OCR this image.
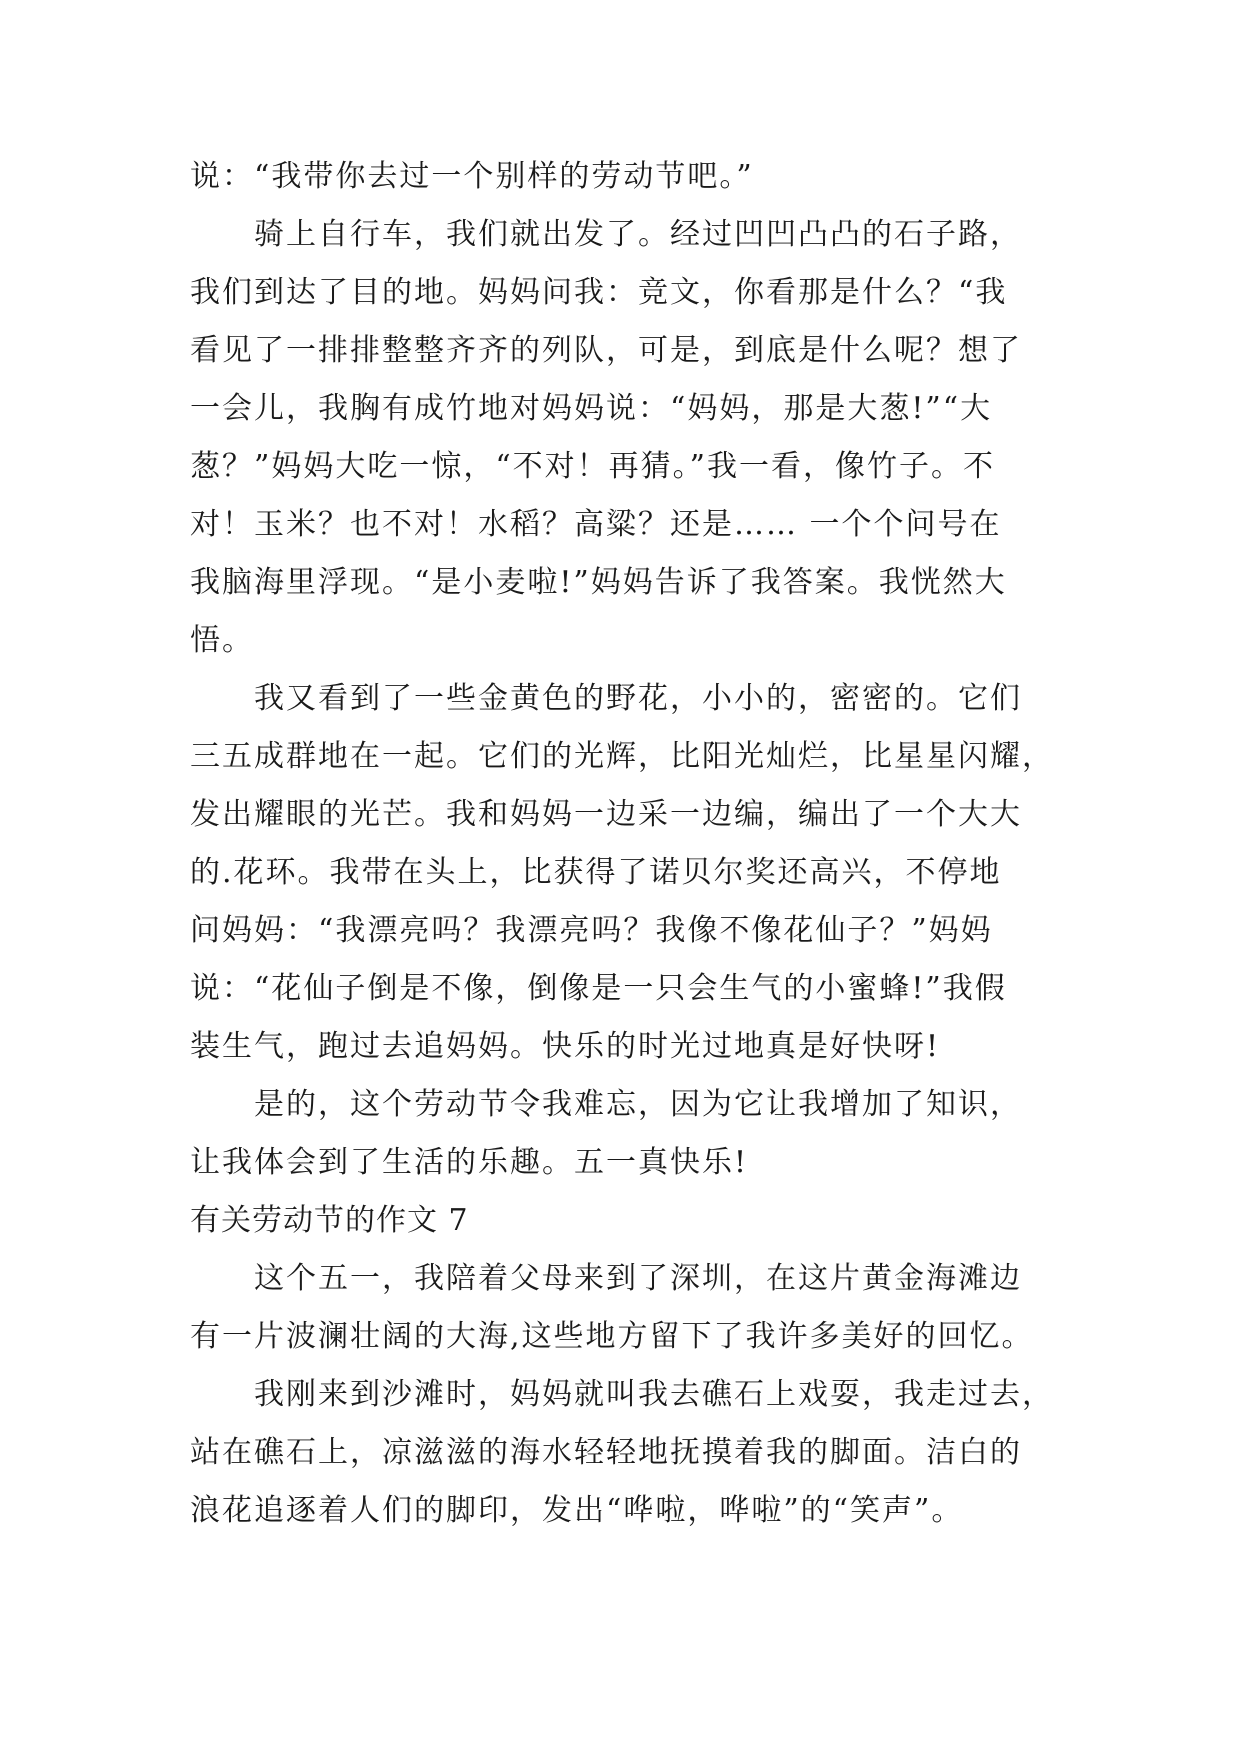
说：“我带你去过一个别样的劳动节吧。”
骑上自行车，我们就出发了。经过凹凹凸凸的石子路，
我们到达了目的地。妈妈问我：竞文，你看那是什么？“我
看见了一排排整整齐齐的列队，可是，到底是什么呢？想了
一会儿，我胸有成竹地对妈妈说：“妈妈，那是大葱!”“大
葱？”妈妈大吃一惊，“不对！再猜。”我一看，像竹子。不
对！玉米？也不对！水稻？高粱？还是…… 一个个问号在
我脑海里浮现。“是小麦啦!”妈妈告诉了我答案。我恍然大
悟。
我又看到了一些金黄色的野花，小小的，密密的。它们
三五成群地在一起。它们的光辉，比阳光灿烂，比星星闪耀，
发出耀眼的光芒。我和妈妈一边采一边编，编出了一个大大
的.花环。我带在头上，比获得了诺贝尔奖还高兴，不停地
问妈妈：“我漂亮吗？我漂亮吗？我像不像花仙子？”妈妈
说：“花仙子倒是不像，倒像是一只会生气的小蜜蜂!”我假
装生气，跑过去追妈妈。快乐的时光过地真是好快呀!
是的，这个劳动节令我难忘，因为它让我增加了知识，
让我体会到了生活的乐趣。五一真快乐!
有关劳动节的作文 7
这个五一，我陪着父母来到了深圳，在这片黄金海滩边
有一片波澜壮阔的大海,这些地方留下了我许多美好的回忆。
我刚来到沙滩时，妈妈就叫我去礁石上戏耍，我走过去，
站在礁石上，凉滋滋的海水轻轻地抚摸着我的脚面。洁白的
浪花追逐着人们的脚印，发出“哗啦，哗啦”的“笑声”。
